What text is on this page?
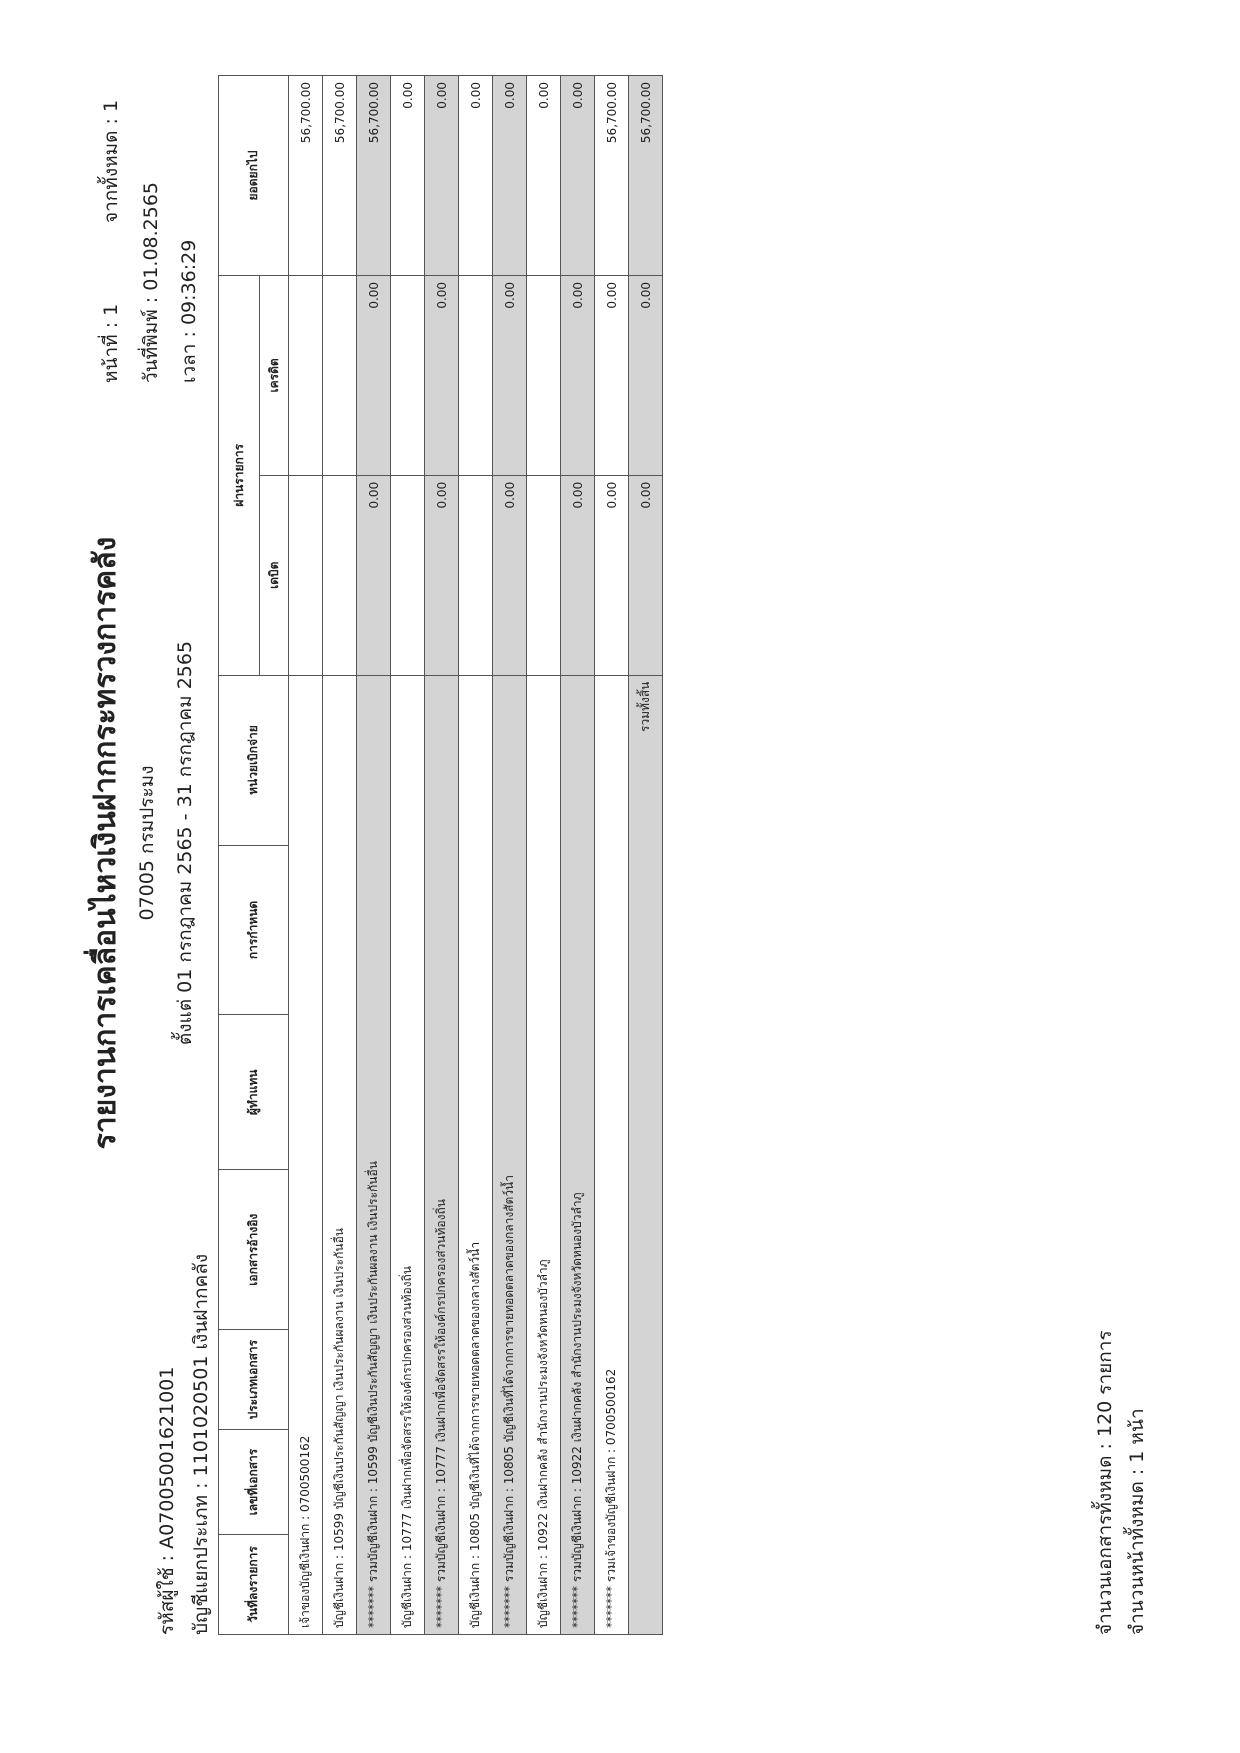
รายงานการเคลื่อนไหวเงินฝากกระทรวงการคลัง 07005 กรมประมง ตั้งแต่ 01 กรกฎาคม 2565 - 31 กรกฎาคม 2565
หน้าที่ : 1
จากทั้งหมด : 1
วันที่พิมพ์ : 01.08.2565 เวลา : 09:36:29
รหัสผู้ใช้ : A07005001621001 บัญชีแยกประเภท : 1101020501 เงินฝากคลัง	วันที่ลงรายการ	เลขที่เอกสาร	ประเภทเอกสาร	เอกสารอ้างอิง	ผู้ทำแทน	การกำหนด	หน่วยเบิกจ่าย	ผ่านรายการ		ยอดยกไป
							เดบิต	เครดิต	
เจ้าของบัญชีเงินฝาก : 0700500162									56,700.00
บัญชีเงินฝาก : 10599 บัญชีเงินประกันสัญญา เงินประกันผลงาน เงินประกันอื่น									56,700.00
******* รวมบัญชีเงินฝาก : 10599 บัญชีเงินประกันสัญญา เงินประกันผลงาน เงินประกันอื่น							0.00	0.00	56,700.00
บัญชีเงินฝาก : 10777 เงินฝากเพื่อจัดสรรให้องค์กรปกครองส่วนท้องถิ่น									0.00
******* รวมบัญชีเงินฝาก : 10777 เงินฝากเพื่อจัดสรรให้องค์กรปกครองส่วนท้องถิ่น							0.00	0.00	0.00
บัญชีเงินฝาก : 10805 บัญชีเงินที่ได้จากการขายทอดตลาดของกลางสัตว์น้ำ									0.00
******* รวมบัญชีเงินฝาก : 10805 บัญชีเงินที่ได้จากการขายทอดตลาดของกลางสัตว์น้ำ							0.00	0.00	0.00
บัญชีเงินฝาก : 10922 เงินฝากคลัง สำนักงานประมงจังหวัดหนองบัวลำภู									0.00
******* รวมบัญชีเงินฝาก : 10922 เงินฝากคลัง สำนักงานประมงจังหวัดหนองบัวลำภู							0.00	0.00	0.00
******* รวมเจ้าของบัญชีเงินฝาก : 0700500162							0.00	0.00	56,700.00
รวมทั้งสิ้น							0.00	0.00	56,700.00
จำนวนเอกสารทั้งหมด : 120 รายการ จำนวนหน้าทั้งหมด : 1 หน้า
